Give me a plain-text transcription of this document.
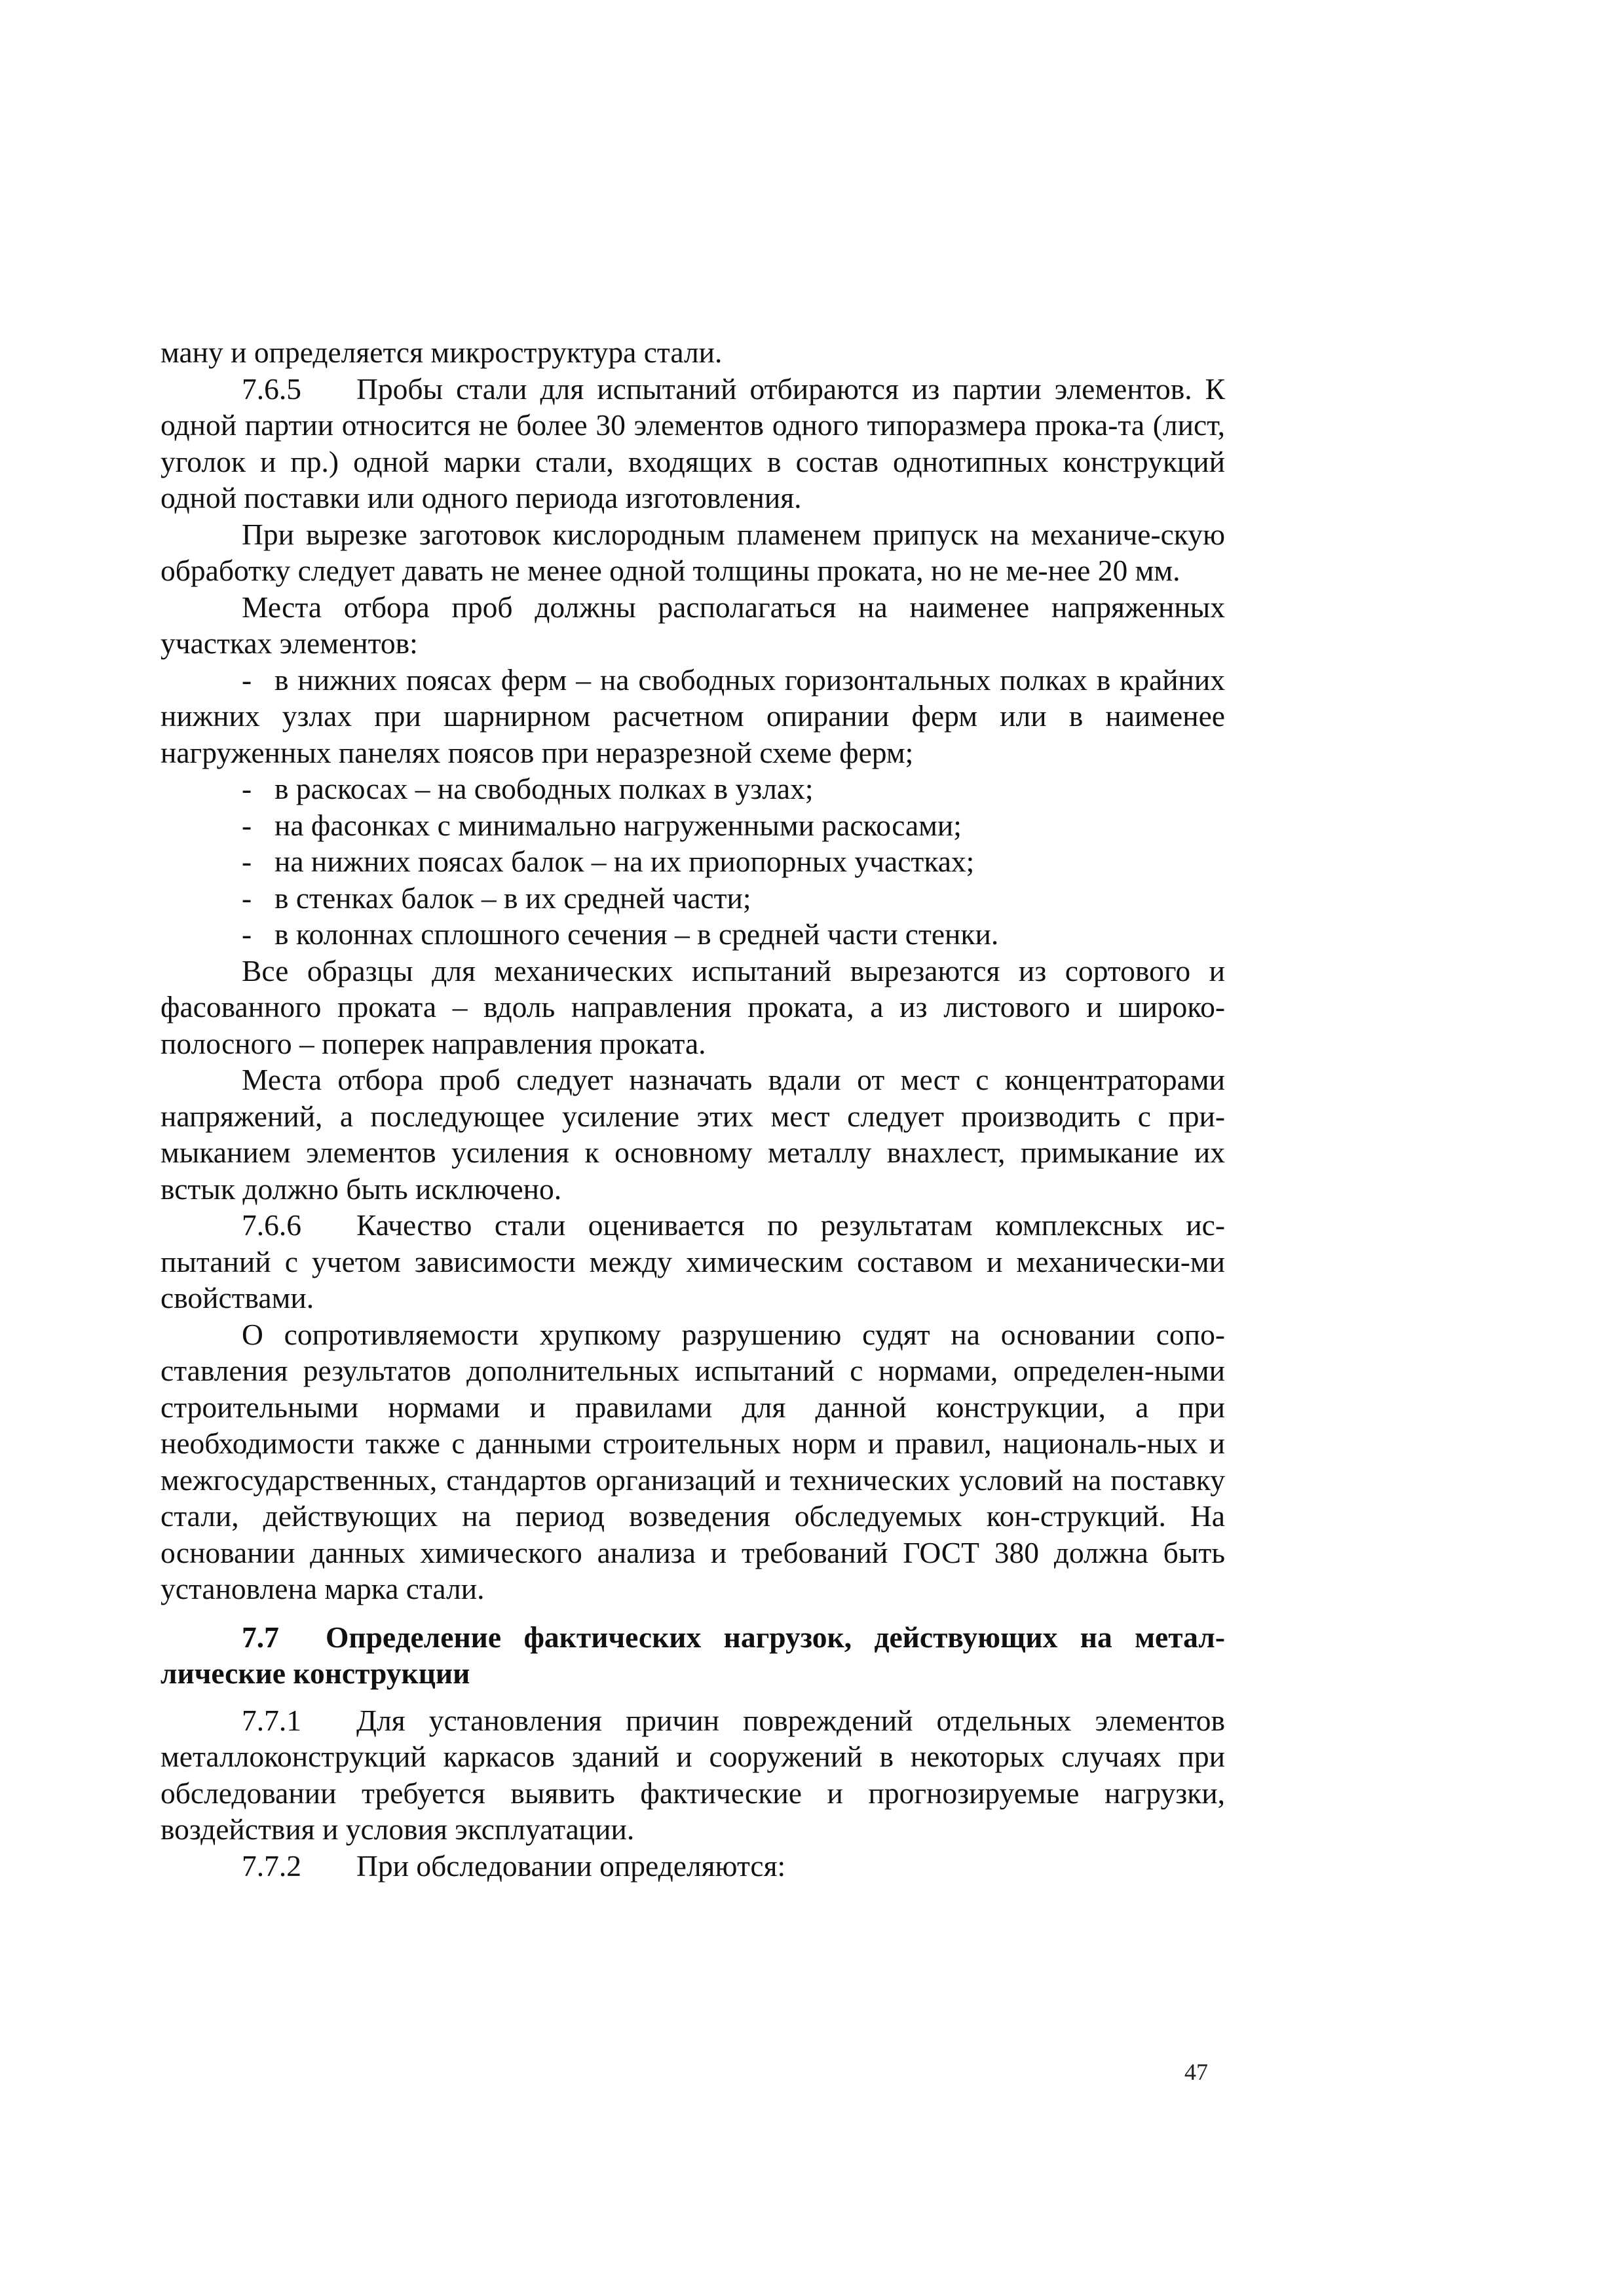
ману и определяется микроструктура стали.

7.6.5 Пробы стали для испытаний отбираются из партии элементов. К одной партии относится не более 30 элементов одного типоразмера прока-та (лист, уголок и пр.) одной марки стали, входящих в состав однотипных конструкций одной поставки или одного периода изготовления.

При вырезке заготовок кислородным пламенем припуск на механиче-скую обработку следует давать не менее одной толщины проката, но не ме-нее 20 мм.

Места отбора проб должны располагаться на наименее напряженных участках элементов:

- в нижних поясах ферм – на свободных горизонтальных полках в крайних нижних узлах при шарнирном расчетном опирании ферм или в наименее нагруженных панелях поясов при неразрезной схеме ферм;

- в раскосах – на свободных полках в узлах;

- на фасонках с минимально нагруженными раскосами;

- на нижних поясах балок – на их приопорных участках;

- в стенках балок – в их средней части;

- в колоннах сплошного сечения – в средней части стенки.

Все образцы для механических испытаний вырезаются из сортового и фасованного проката – вдоль направления проката, а из листового и широко-полосного – поперек направления проката.

Места отбора проб следует назначать вдали от мест с концентраторами напряжений, а последующее усиление этих мест следует производить с при-мыканием элементов усиления к основному металлу внахлест, примыкание их встык должно быть исключено.

7.6.6 Качество стали оценивается по результатам комплексных ис-пытаний с учетом зависимости между химическим составом и механически-ми свойствами.

О сопротивляемости хрупкому разрушению судят на основании сопо-ставления результатов дополнительных испытаний с нормами, определен-ными строительными нормами и правилами для данной конструкции, а при необходимости также с данными строительных норм и правил, националь-ных и межгосударственных, стандартов организаций и технических условий на поставку стали, действующих на период возведения обследуемых кон-струкций. На основании данных химического анализа и требований ГОСТ 380 должна быть установлена марка стали.

7.7 Определение фактических нагрузок, действующих на метал-лические конструкции

7.7.1 Для установления причин повреждений отдельных элементов металлоконструкций каркасов зданий и сооружений в некоторых случаях при обследовании требуется выявить фактические и прогнозируемые нагрузки, воздействия и условия эксплуатации.

7.7.2 При обследовании определяются:

47
